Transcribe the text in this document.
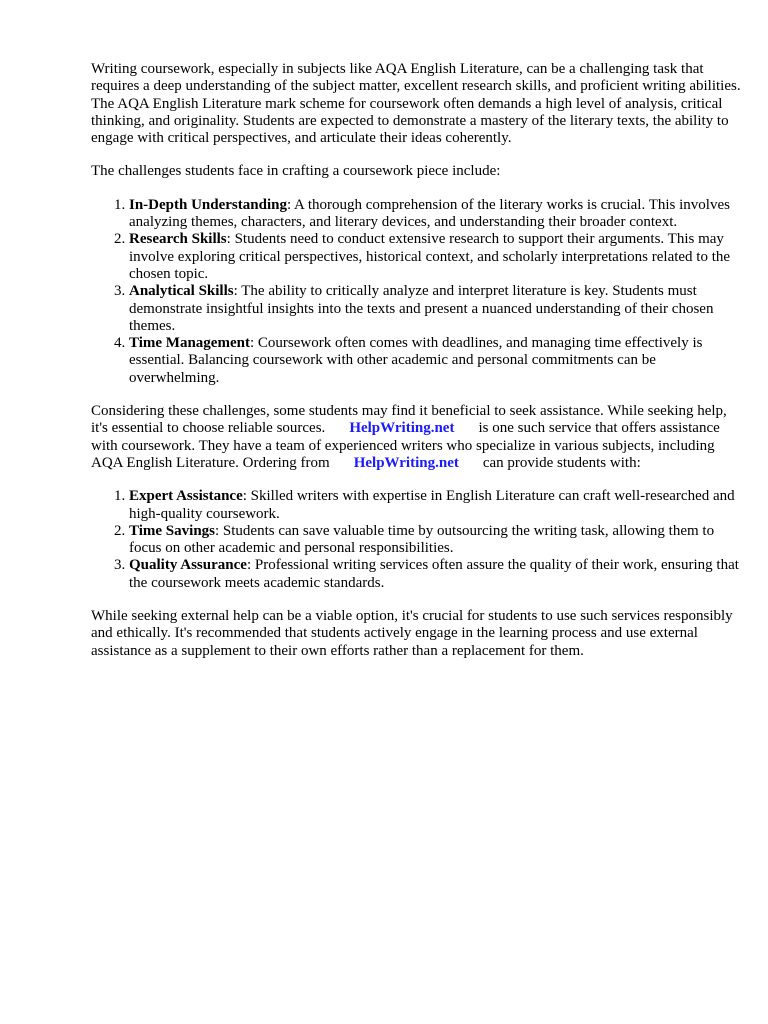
Writing coursework, especially in subjects like AQA English Literature, can be a challenging task that requires a deep understanding of the subject matter, excellent research skills, and proficient writing abilities. The AQA English Literature mark scheme for coursework often demands a high level of analysis, critical thinking, and originality. Students are expected to demonstrate a mastery of the literary texts, the ability to engage with critical perspectives, and articulate their ideas coherently.

The challenges students face in crafting a coursework piece include:

1. In-Depth Understanding: A thorough comprehension of the literary works is crucial. This involves analyzing themes, characters, and literary devices, and understanding their broader context.
2. Research Skills: Students need to conduct extensive research to support their arguments. This may involve exploring critical perspectives, historical context, and scholarly interpretations related to the chosen topic.
3. Analytical Skills: The ability to critically analyze and interpret literature is key. Students must demonstrate insightful insights into the texts and present a nuanced understanding of their chosen themes.
4. Time Management: Coursework often comes with deadlines, and managing time effectively is essential. Balancing coursework with other academic and personal commitments can be overwhelming.

Considering these challenges, some students may find it beneficial to seek assistance. While seeking help, it's essential to choose reliable sources. HelpWriting.net is one such service that offers assistance with coursework. They have a team of experienced writers who specialize in various subjects, including AQA English Literature. Ordering from HelpWriting.net can provide students with:

1. Expert Assistance: Skilled writers with expertise in English Literature can craft well-researched and high-quality coursework.
2. Time Savings: Students can save valuable time by outsourcing the writing task, allowing them to focus on other academic and personal responsibilities.
3. Quality Assurance: Professional writing services often assure the quality of their work, ensuring that the coursework meets academic standards.

While seeking external help can be a viable option, it's crucial for students to use such services responsibly and ethically. It's recommended that students actively engage in the learning process and use external assistance as a supplement to their own efforts rather than a replacement for them.
